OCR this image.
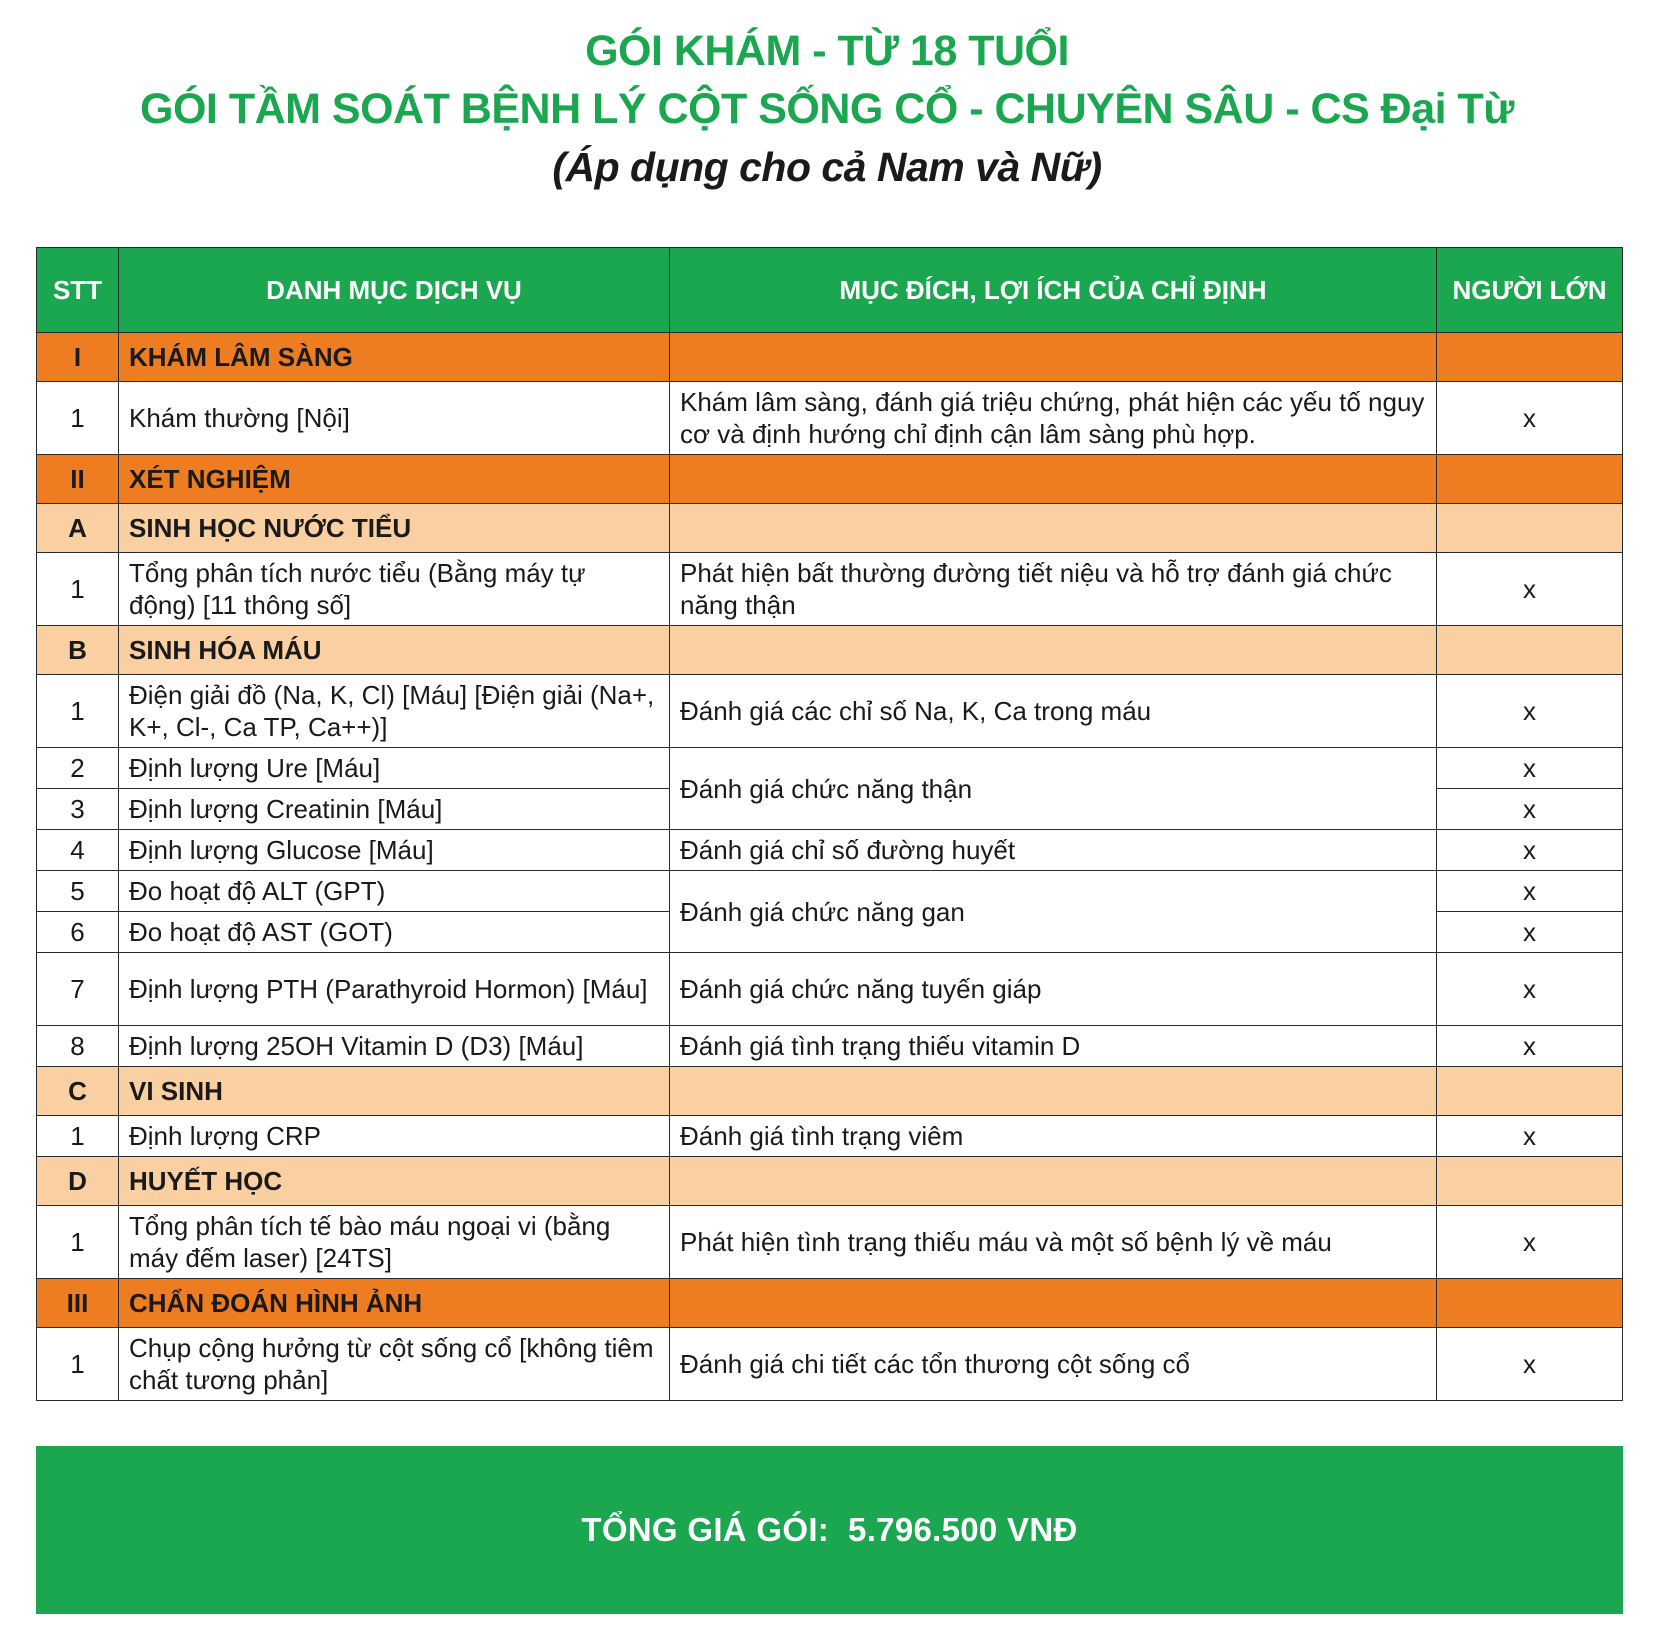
GÓI KHÁM - TỪ 18 TUỔI
GÓI TẦM SOÁT BỆNH LÝ CỘT SỐNG CỔ - CHUYÊN SÂU - CS Đại Từ
(Áp dụng cho cả Nam và Nữ)
STT	DANH MỤC DỊCH VỤ	MỤC ĐÍCH, LỢI ÍCH CỦA CHỈ ĐỊNH	NGƯỜI LỚN
I	KHÁM LÂM SÀNG		
1	Khám thường [Nội]	Khám lâm sàng, đánh giá triệu chứng, phát hiện các yếu tố nguy cơ và định hướng chỉ định cận lâm sàng phù hợp.	x
II	XÉT NGHIỆM		
A	SINH HỌC NƯỚC TIỂU		
1	Tổng phân tích nước tiểu (Bằng máy tự động) [11 thông số]	Phát hiện bất thường đường tiết niệu và hỗ trợ đánh giá chức năng thận	x
B	SINH HÓA MÁU		
1	Điện giải đồ (Na, K, Cl) [Máu] [Điện giải (Na+, K+, Cl-, Ca TP, Ca++)]	Đánh giá các chỉ số Na, K, Ca trong máu	x
2	Định lượng Ure [Máu]	Đánh giá chức năng thận	x
3	Định lượng Creatinin [Máu]		x
4	Định lượng Glucose [Máu]	Đánh giá chỉ số đường huyết	x
5	Đo hoạt độ ALT (GPT)	Đánh giá chức năng gan	x
6	Đo hoạt độ AST (GOT)		x
7	Định lượng PTH (Parathyroid Hormon) [Máu]	Đánh giá chức năng tuyến giáp	x
8	Định lượng 25OH Vitamin D (D3) [Máu]	Đánh giá tình trạng thiếu vitamin D	x
C	VI SINH		
1	Định lượng CRP	Đánh giá tình trạng viêm	x
D	HUYẾT HỌC		
1	Tổng phân tích tế bào máu ngoại vi (bằng máy đếm laser) [24TS]	Phát hiện tình trạng thiếu máu và một số bệnh lý về máu	x
III	CHẨN ĐOÁN HÌNH ẢNH		
1	Chụp cộng hưởng từ cột sống cổ [không tiêm chất tương phản]	Đánh giá chi tiết các tổn thương cột sống cổ	x
TỔNG GIÁ GÓI:
5.796.500 VNĐ
